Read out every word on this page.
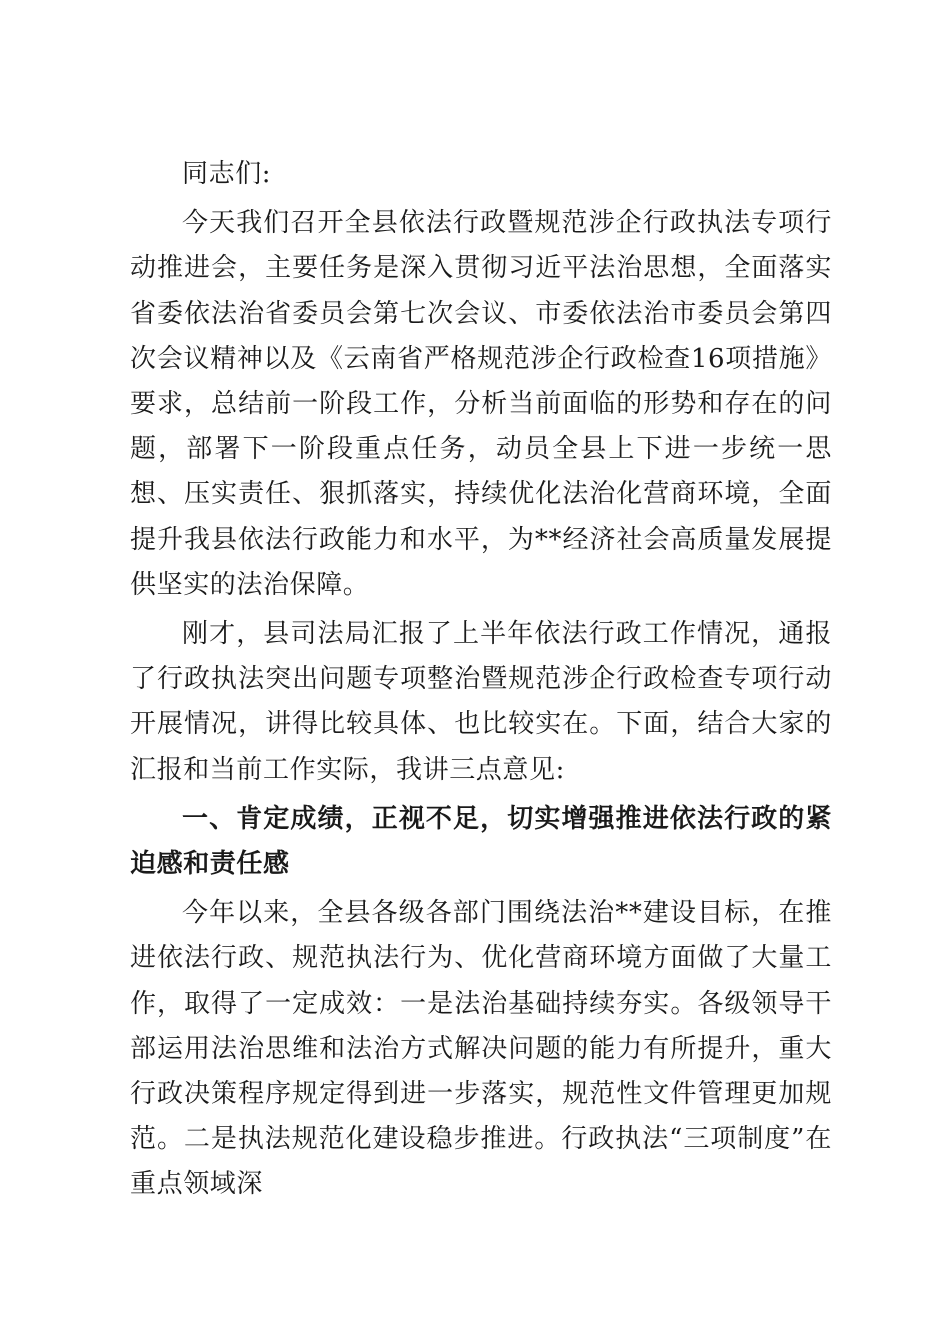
同志们:

今天我们召开全县依法行政暨规范涉企行政执法专项行动推进会，主要任务是深入贯彻习近平法治思想，全面落实省委依法治省委员会第七次会议、市委依法治市委员会第四次会议精神以及《云南省严格规范涉企行政检查16项措施》要求，总结前一阶段工作，分析当前面临的形势和存在的问题，部署下一阶段重点任务，动员全县上下进一步统一思想、压实责任、狠抓落实，持续优化法治化营商环境，全面提升我县依法行政能力和水平，为**经济社会高质量发展提供坚实的法治保障。

刚才，县司法局汇报了上半年依法行政工作情况，通报了行政执法突出问题专项整治暨规范涉企行政检查专项行动开展情况，讲得比较具体、也比较实在。下面，结合大家的汇报和当前工作实际，我讲三点意见:

一、肯定成绩，正视不足，切实增强推进依法行政的紧迫感和责任感

今年以来，全县各级各部门围绕法治**建设目标，在推进依法行政、规范执法行为、优化营商环境方面做了大量工作，取得了一定成效：一是法治基础持续夯实。各级领导干部运用法治思维和法治方式解决问题的能力有所提升，重大行政决策程序规定得到进一步落实，规范性文件管理更加规范。二是执法规范化建设稳步推进。行政执法“三项制度”在重点领域深
